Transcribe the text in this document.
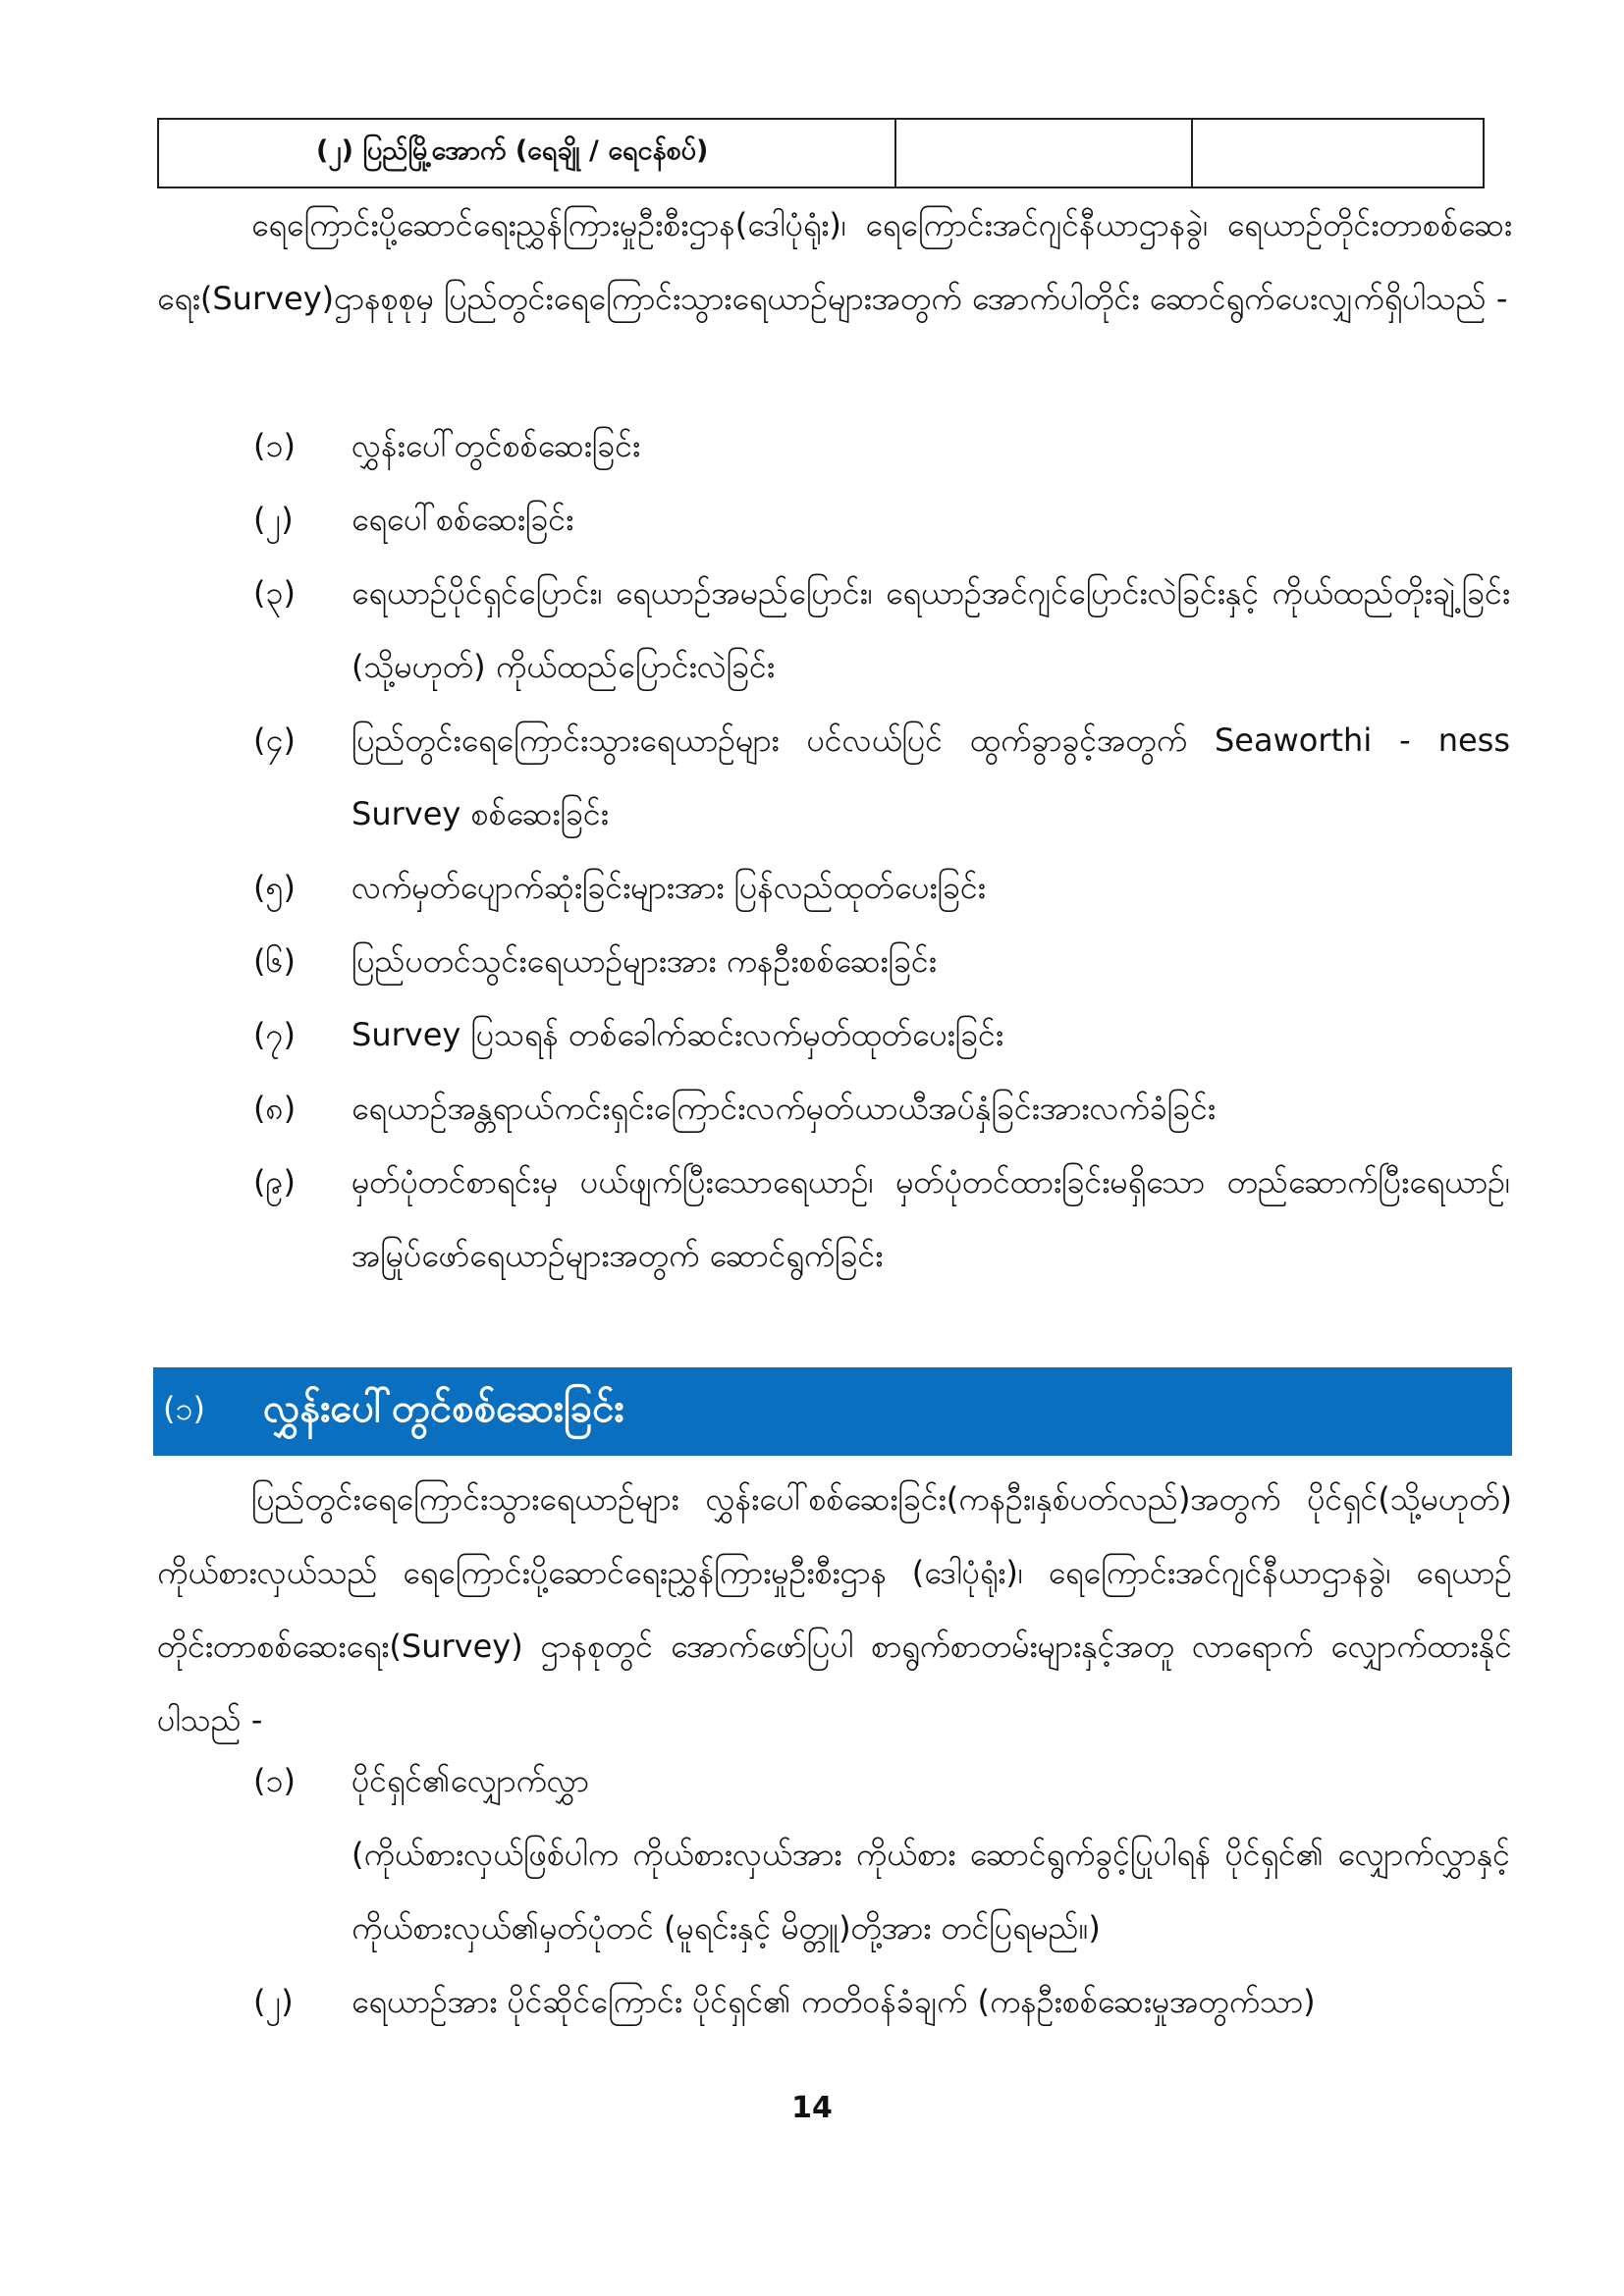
(၂) ပြည်မြို့အောက် (ရေချို / ရေငန်စပ်)

ရေကြောင်းပို့ဆောင်ရေးညွှန်ကြားမှုဦးစီးဌာန(ဒေါပုံရုံး)၊ ရေကြောင်းအင်ဂျင်နီယာဌာနခွဲ၊ ရေယာဉ်တိုင်းတာစစ်ဆေးရေး(Survey)ဌာနစုစုမှ ပြည်တွင်းရေကြောင်းသွားရေယာဉ်များအတွက် အောက်ပါတိုင်း ဆောင်ရွက်ပေးလျှက်ရှိပါသည် -

(၁)	လွှန်းပေါ်တွင်စစ်ဆေးခြင်း
(၂)	ရေပေါ်စစ်ဆေးခြင်း
(၃)	ရေယာဉ်ပိုင်ရှင်ပြောင်း၊ ရေယာဉ်အမည်ပြောင်း၊ ရေယာဉ်အင်ဂျင်ပြောင်းလဲခြင်းနှင့် ကိုယ်ထည်တိုးချဲ့ခြင်း (သို့မဟုတ်) ကိုယ်ထည်ပြောင်းလဲခြင်း
(၄)	ပြည်တွင်းရေကြောင်းသွားရေယာဉ်များ ပင်လယ်ပြင် ထွက်ခွာခွင့်အတွက် Seaworthi - ness Survey စစ်ဆေးခြင်း
(၅)	လက်မှတ်ပျောက်ဆုံးခြင်းများအား ပြန်လည်ထုတ်ပေးခြင်း
(၆)	ပြည်ပတင်သွင်းရေယာဉ်များအား ကနဦးစစ်ဆေးခြင်း
(၇)	Survey ပြသရန် တစ်ခေါက်ဆင်းလက်မှတ်ထုတ်ပေးခြင်း
(၈)	ရေယာဉ်အန္တရာယ်ကင်းရှင်းကြောင်းလက်မှတ်ယာယီအပ်နှံခြင်းအားလက်ခံခြင်း
(၉)	မှတ်ပုံတင်စာရင်းမှ ပယ်ဖျက်ပြီးသောရေယာဉ်၊ မှတ်ပုံတင်ထားခြင်းမရှိသော တည်ဆောက်ပြီးရေယာဉ်၊ အမြုပ်ဖော်ရေယာဉ်များအတွက် ဆောင်ရွက်ခြင်း
(၁)	လွှန်းပေါ်တွင်စစ်ဆေးခြင်း

ပြည်တွင်းရေကြောင်းသွားရေယာဉ်များ လွှန်းပေါ်စစ်ဆေးခြင်း(ကနဦး၊နှစ်ပတ်လည်)အတွက် ပိုင်ရှင်(သို့မဟုတ်) ကိုယ်စားလှယ်သည် ရေကြောင်းပို့ဆောင်ရေးညွှန်ကြားမှုဦးစီးဌာန (ဒေါပုံရုံး)၊ ရေကြောင်းအင်ဂျင်နီယာဌာနခွဲ၊ ရေယာဉ်တိုင်းတာစစ်ဆေးရေး(Survey) ဌာနစုတွင် အောက်ဖော်ပြပါ စာရွက်စာတမ်းများနှင့်အတူ လာရောက် လျှောက်ထားနိုင်ပါသည် -

(၁)	ပိုင်ရှင်၏လျှောက်လွှာ
(ကိုယ်စားလှယ်ဖြစ်ပါက ကိုယ်စားလှယ်အား ကိုယ်စား ဆောင်ရွက်ခွင့်ပြုပါရန် ပိုင်ရှင်၏ လျှောက်လွှာနှင့် ကိုယ်စားလှယ်၏မှတ်ပုံတင် (မူရင်းနှင့် မိတ္တူ)တို့အား တင်ပြရမည်။)
(၂)	ရေယာဉ်အား ပိုင်ဆိုင်ကြောင်း ပိုင်ရှင်၏ ကတိဝန်ခံချက် (ကနဦးစစ်ဆေးမှုအတွက်သာ)
14
